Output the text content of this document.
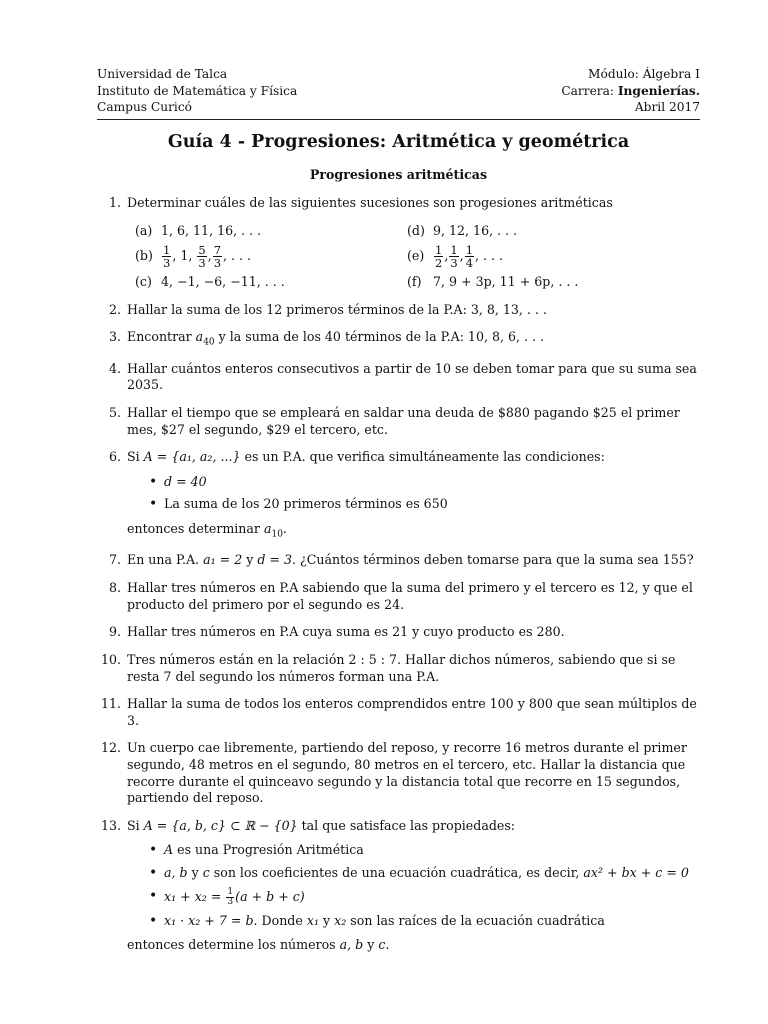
Universidad de Talca
Instituto de Matemática y Física
Campus Curicó
Módulo: Álgebra I
Carrera: Ingenierías.
Abril 2017
Guía 4 - Progresiones: Aritmética y geométrica
Progresiones aritméticas
1. Determinar cuáles de las siguientes sucesiones son progesiones aritméticas
(a) 1, 6, 11, 16, . . .	(d) 9, 12, 16, . . .
$(b) \frac{1}{3}$ , 1, $\frac{5}{3}$ , $\frac{7}{3}$ , . . .	$(e) \frac{1}{2}$ , $\frac{1}{3}$ , $\frac{1}{4}$ , . . .
(c) 4, −1, −6, −11, . . .	(f) 7, 9 + 3p, 11 + 6p, . . .
2. Hallar la suma de los 12 primeros términos de la P.A: 3, 8, 13, . . .
3. Encontrar $a_{40}$ y la suma de los 40 términos de la P.A: 10, 8, 6, . . .
4. Hallar cuántos enteros consecutivos a partir de 10 se deben tomar para que su suma sea 2035.
5. Hallar el tiempo que se empleará en saldar una deuda de $880 pagando $25 el primer mes, $27 el segundo, $29 el tercero, etc.
6. Si A = {a₁, a₂, ...} es un P.A. que verifica simultáneamente las condiciones:
• d = 40
• La suma de los 20 primeros términos es 650
entonces determinar $a_{10}$.
7. En una P.A. a₁ = 2 y d = 3. ¿Cuántos términos deben tomarse para que la suma sea 155?
8. Hallar tres números en P.A sabiendo que la suma del primero y el tercero es 12, y que el producto del primero por el segundo es 24.
9. Hallar tres números en P.A cuya suma es 21 y cuyo producto es 280.
10. Tres números están en la relación 2 : 5 : 7. Hallar dichos números, sabiendo que si se resta 7 del segundo los números forman una P.A.
11. Hallar la suma de todos los enteros comprendidos entre 100 y 800 que sean múltiplos de 3.
12. Un cuerpo cae libremente, partiendo del reposo, y recorre 16 metros durante el primer segundo, 48 metros en el segundo, 80 metros en el tercero, etc. Hallar la distancia que recorre durante el quinceavo segundo y la distancia total que recorre en 15 segundos, partiendo del reposo.
13. Si A = {a, b, c} ⊂ ℝ − {0} tal que satisface las propiedades:
• A es una Progresión Aritmética
• a, b y c son los coeficientes de una ecuación cuadrática, es decir, ax² + bx + c = 0
• $x_1 + x_2 = \frac{1}{3} (a + b + c)$
• x₁ · x₂ + 7 = b. Donde x₁ y x₂ son las raíces de la ecuación cuadrática
entonces determine los números a, b y c.
